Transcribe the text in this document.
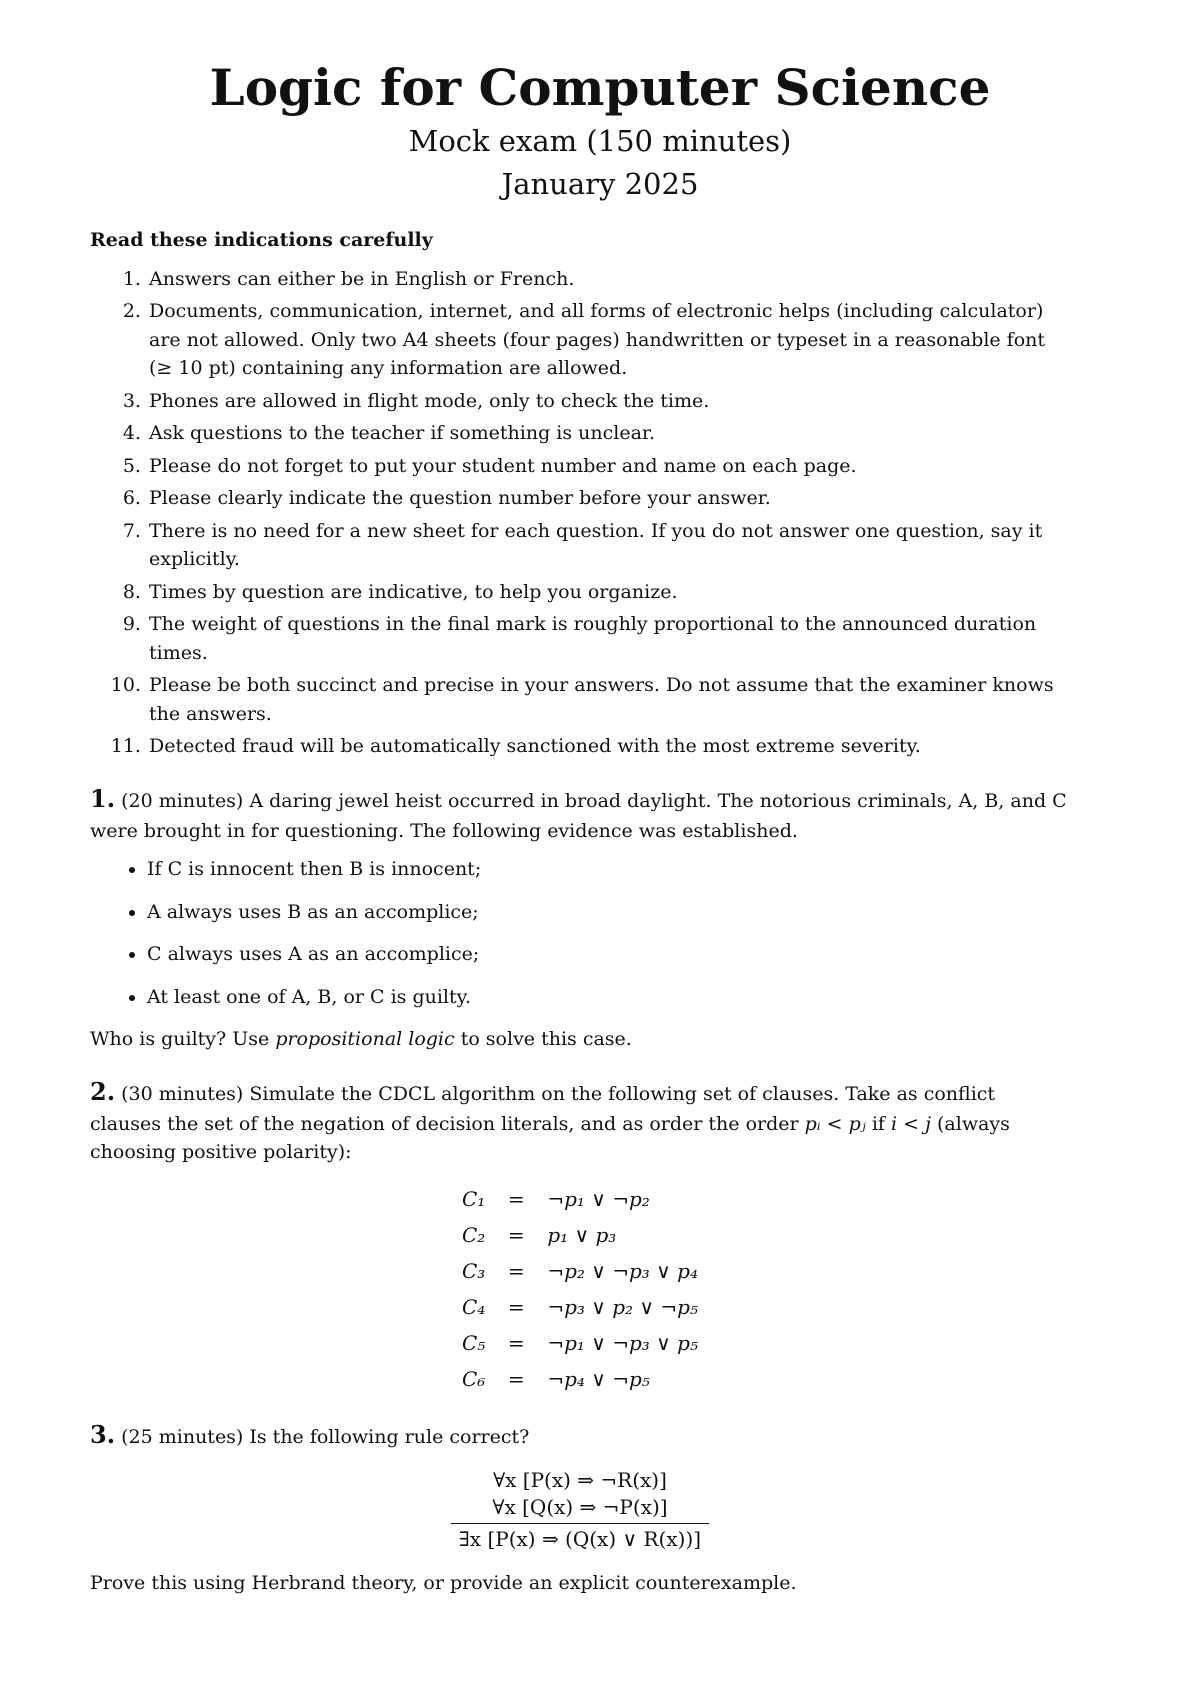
Logic for Computer Science
Mock exam (150 minutes)
January 2025
Read these indications carefully
1. Answers can either be in English or French.
2. Documents, communication, internet, and all forms of electronic helps (including calculator) are not allowed. Only two A4 sheets (four pages) handwritten or typeset in a reasonable font (≥ 10 pt) containing any information are allowed.
3. Phones are allowed in flight mode, only to check the time.
4. Ask questions to the teacher if something is unclear.
5. Please do not forget to put your student number and name on each page.
6. Please clearly indicate the question number before your answer.
7. There is no need for a new sheet for each question. If you do not answer one question, say it explicitly.
8. Times by question are indicative, to help you organize.
9. The weight of questions in the final mark is roughly proportional to the announced duration times.
10. Please be both succinct and precise in your answers. Do not assume that the examiner knows the answers.
11. Detected fraud will be automatically sanctioned with the most extreme severity.

1. (20 minutes) A daring jewel heist occurred in broad daylight. The notorious criminals, A, B, and C were brought in for questioning. The following evidence was established.

• If C is innocent then B is innocent;
• A always uses B as an accomplice;
• C always uses A as an accomplice;
• At least one of A, B, or C is guilty.

Who is guilty? Use propositional logic to solve this case.

2. (30 minutes) Simulate the CDCL algorithm on the following set of clauses. Take as conflict clauses the set of the negation of decision literals, and as order the order pᵢ < pⱼ if i < j (always choosing positive polarity):

C₁	=	¬p₁ ∨ ¬p₂
C₂	=	p₁ ∨ p₃
C₃	=	¬p₂ ∨ ¬p₃ ∨ p₄
C₄	=	¬p₃ ∨ p₂ ∨ ¬p₅
C₅	=	¬p₁ ∨ ¬p₃ ∨ p₅
C₆	=	¬p₄ ∨ ¬p₅

3. (25 minutes) Is the following rule correct?

∀x [P(x) ⇒ ¬R(x)]
∀x [Q(x) ⇒ ¬P(x)]
∃x [P(x) ⇒ (Q(x) ∨ R(x))]

Prove this using Herbrand theory, or provide an explicit counterexample.
